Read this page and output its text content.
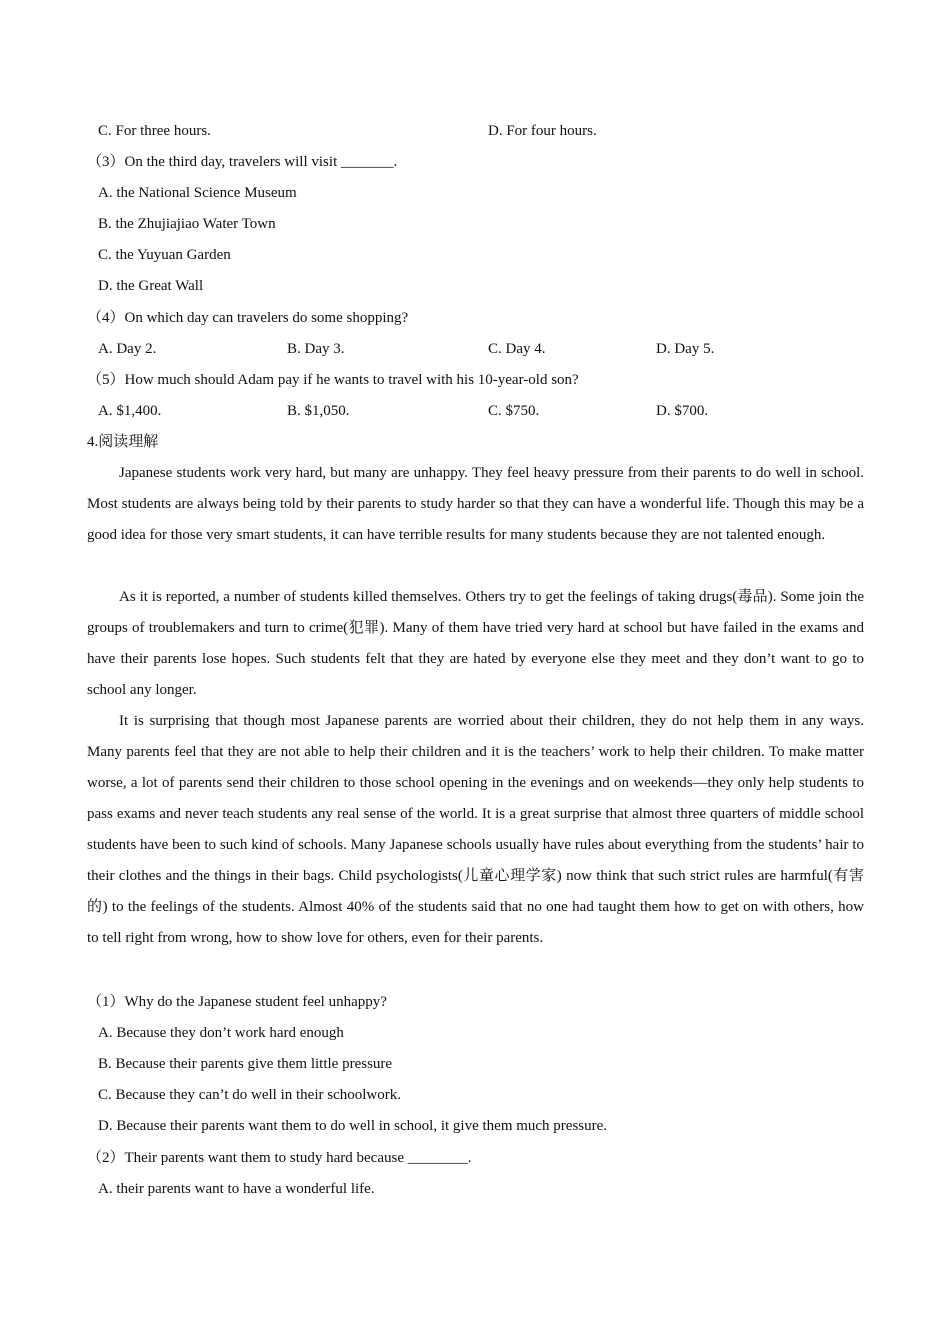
C. For three hours.	D. For four hours.
（3）On the third day, travelers will visit _______.
A. the National Science Museum
B. the Zhujiajiao Water Town
C. the Yuyuan Garden
D. the Great Wall
（4）On which day can travelers do some shopping?
A. Day 2.	B. Day 3.	C. Day 4.	D. Day 5.
（5）How much should Adam pay if he wants to travel with his 10-year-old son?
A. $1,400.	B. $1,050.	C. $750.	D. $700.
4.阅读理解

Japanese students work very hard, but many are unhappy. They feel heavy pressure from their parents to do well in school. Most students are always being told by their parents to study harder so that they can have a wonderful life. Though this may be a good idea for those very smart students, it can have terrible results for many students because they are not talented enough.

As it is reported, a number of students killed themselves. Others try to get the feelings of taking drugs(毒品). Some join the groups of troublemakers and turn to crime(犯罪). Many of them have tried very hard at school but have failed in the exams and have their parents lose hopes. Such students felt that they are hated by everyone else they meet and they don’t want to go to school any longer.

It is surprising that though most Japanese parents are worried about their children, they do not help them in any ways. Many parents feel that they are not able to help their children and it is the teachers’ work to help their children. To make matter worse, a lot of parents send their children to those school opening in the evenings and on weekends—they only help students to pass exams and never teach students any real sense of the world. It is a great surprise that almost three quarters of middle school students have been to such kind of schools. Many Japanese schools usually have rules about everything from the students’ hair to their clothes and the things in their bags. Child psychologists(儿童心理学家) now think that such strict rules are harmful(有害的) to the feelings of the students. Almost 40% of the students said that no one had taught them how to get on with others, how to tell right from wrong, how to show love for others, even for their parents.

（1）Why do the Japanese student feel unhappy?
A. Because they don’t work hard enough
B. Because their parents give them little pressure
C. Because they can’t do well in their schoolwork.
D. Because their parents want them to do well in school, it give them much pressure.
（2）Their parents want them to study hard because ________.
A. their parents want to have a wonderful life.
